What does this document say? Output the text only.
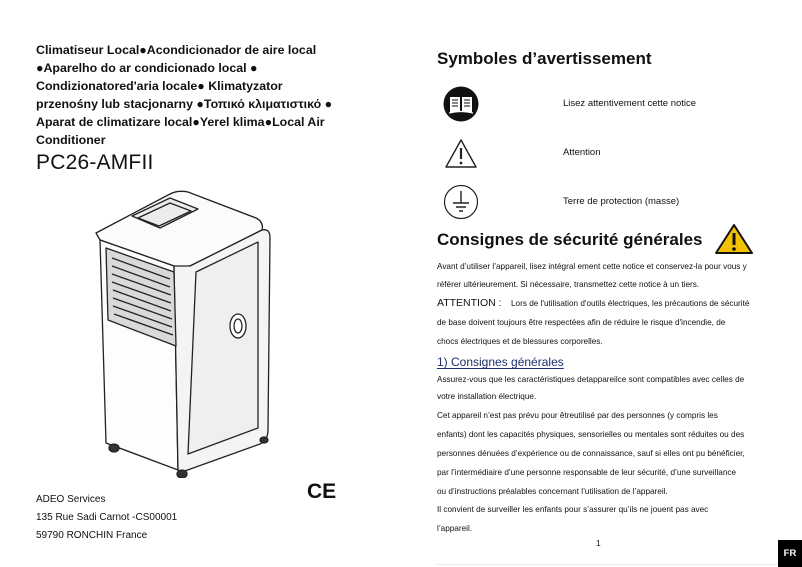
Climatiseur Local●Acondicionador de aire local ●Aparelho do ar condicionado local ● Condizionatored'aria locale● Klimatyzator przenośny lub stacjonarny ●Τοπικό κλιματιστικό ● Aparat de climatizare local●Yerel klima●Local Air Conditioner
PC26-AMFII
CE
ADEO Services
135 Rue Sadi Carnot -CS00001
59790 RONCHIN France
Symboles d’avertissement
Lisez attentivement cette notice
Attention
Terre de protection (masse)
Consignes de sécurité générales
Avant d’utiliser l’appareil, lisez intégral ement cette notice et conservez-la pour vous y
référer ultérieurement. Si nécessaire, transmettez cette notice à un tiers.
ATTENTION : Lors de l'utilisation d'outils électriques, les précautions de sécurité
de base doivent toujours être respectées afin de réduire le risque d'incendie, de
chocs électriques et de blessures corporelles.
1) Consignes générales
Assurez-vous que les caractéristiques detappareilce sont compatibles avec celles de
votre installation électrique.
Cet appareil n’est pas prévu pour êtreutilisé par des personnes (y compris les
enfants) dont les capacités physiques, sensorielles ou mentales sont réduites ou des
personnes dénuées d’expérience ou de connaissance, sauf si elles ont pu bénéficier,
par l’intermédiaire d’une personne responsable de leur sécurité, d’une surveillance
ou d’instructions préalables concernant l’utilisation de l’appareil.
Il convient de surveiller les enfants pour s’assurer qu’ils ne jouent pas avec
l’appareil.
1
FR
